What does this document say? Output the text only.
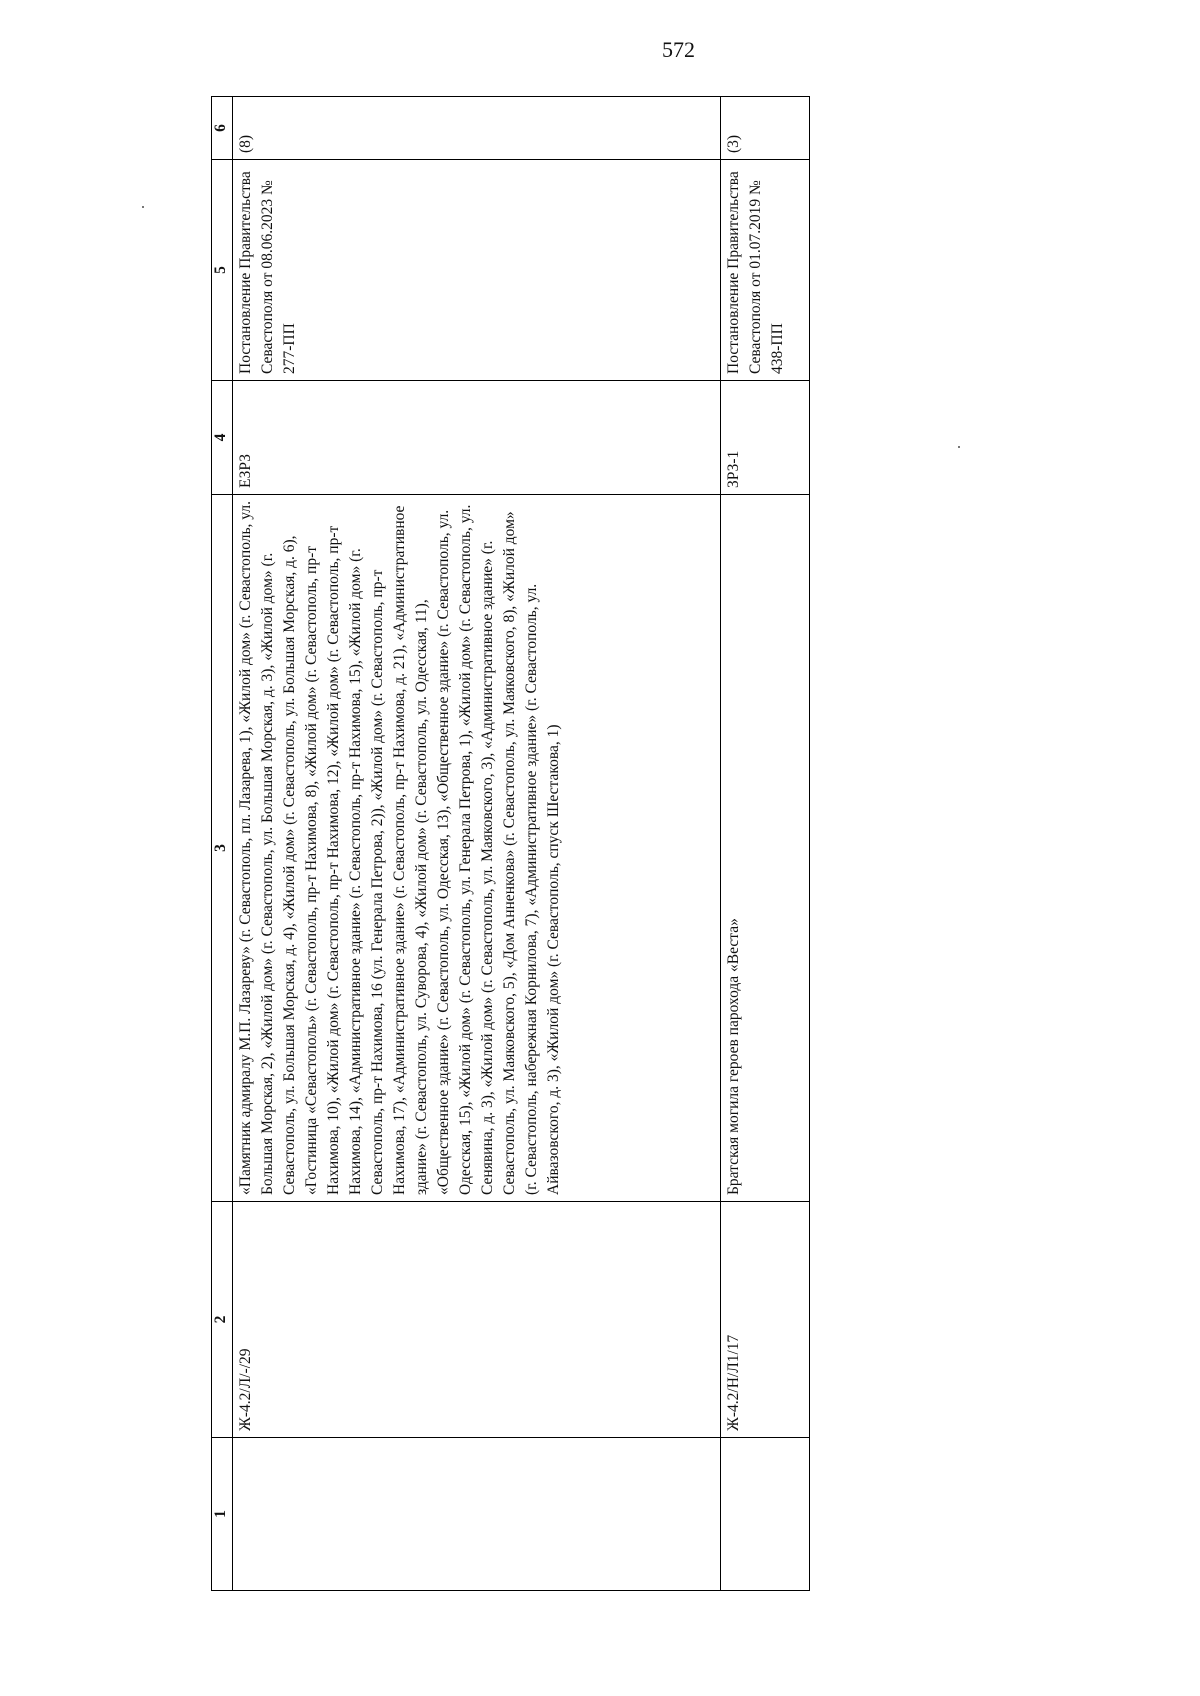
572
1	2	3	4	5	6
	Ж-4.2/Л/-/29	«Памятник адмиралу М.П. Лазареву» (г. Севастополь, пл. Лазарева, 1), «Жилой дом» (г. Севастополь, ул. Большая Морская, 2), «Жилой дом» (г. Севастополь, ул. Большая Морская, д. 3), «Жилой дом» (г. Севастополь, ул. Большая Морская, д. 4), «Жилой дом» (г. Севастополь, ул. Большая Морская, д. 6), «Гостиница «Севастополь» (г. Севастополь, пр-т Нахимова, 8), «Жилой дом» (г. Севастополь, пр-т Нахимова, 10), «Жилой дом» (г. Севастополь, пр-т Нахимова, 12), «Жилой дом» (г. Севастополь, пр-т Нахимова, 14), «Административное здание» (г. Севастополь, пр-т Нахимова, 15), «Жилой дом» (г. Севастополь, пр-т Нахимова, 16 (ул. Генерала Петрова, 2)), «Жилой дом» (г. Севастополь, пр-т Нахимова, 17), «Административное здание» (г. Севастополь, пр-т Нахимова, д. 21), «Административное здание» (г. Севастополь, ул. Суворова, 4), «Жилой дом» (г. Севастополь, ул. Одесская, 11), «Общественное здание» (г. Севастополь, ул. Одесская, 13), «Общественное здание» (г. Севастополь, ул. Одесская, 15), «Жилой дом» (г. Севастополь, ул. Генерала Петрова, 1), «Жилой дом» (г. Севастополь, ул. Сенявина, д. 3), «Жилой дом» (г. Севастополь, ул. Маяковского, 3), «Административное здание» (г. Севастополь, ул. Маяковского, 5), «Дом Анненкова» (г. Севастополь, ул. Маяковского, 8), «Жилой дом» (г. Севастополь, набережная Корнилова, 7), «Административное здание» (г. Севастополь, ул. Айвазовского, д. 3), «Жилой дом» (г. Севастополь, спуск Шестакова, 1)	ЕЗРЗ	Постановление Правительства Севастополя от 08.06.2023 № 277-ПП	(8)
	Ж-4.2/Н/Л1/17	Братская могила героев парохода «Веста»	ЗРЗ-1	Постановление Правительства Севастополя от 01.07.2019 № 438-ПП	(3)
